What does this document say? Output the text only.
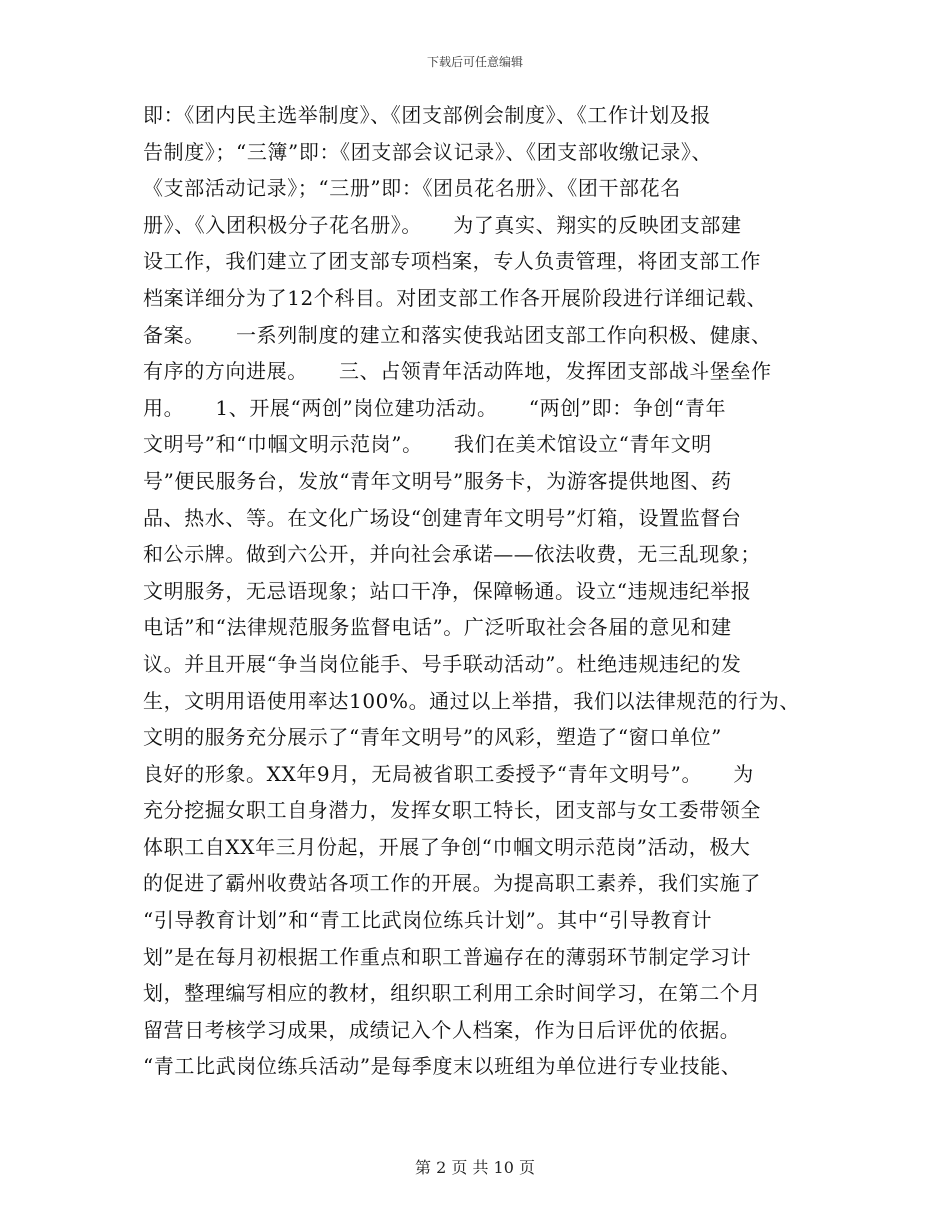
下载后可任意编辑
即：《团内民主选举制度》、《团支部例会制度》、《工作计划及报
告制度》；“三簿”即：《团支部会议记录》、《团支部收缴记录》、
《支部活动记录》；“三册”即：《团员花名册》、《团干部花名
册》、《入团积极分子花名册》。　　为了真实、翔实的反映团支部建
设工作，我们建立了团支部专项档案，专人负责管理，将团支部工作
档案详细分为了12个科目。对团支部工作各开展阶段进行详细记载、
备案。　　一系列制度的建立和落实使我站团支部工作向积极、健康、
有序的方向进展。　　三、占领青年活动阵地，发挥团支部战斗堡垒作
用。　　1、开展“两创”岗位建功活动。　　“两创”即：争创“青年
文明号”和“巾帼文明示范岗”。　　我们在美术馆设立“青年文明
号”便民服务台，发放“青年文明号”服务卡，为游客提供地图、药
品、热水、等。在文化广场设“创建青年文明号”灯箱，设置监督台
和公示牌。做到六公开，并向社会承诺——依法收费，无三乱现象；
文明服务，无忌语现象；站口干净，保障畅通。设立“违规违纪举报
电话”和“法律规范服务监督电话”。广泛听取社会各届的意见和建
议。并且开展“争当岗位能手、号手联动活动”。杜绝违规违纪的发
生，文明用语使用率达100%。通过以上举措，我们以法律规范的行为、
文明的服务充分展示了“青年文明号”的风彩，塑造了“窗口单位”
良好的形象。XX年9月，无局被省职工委授予“青年文明号”。　　为
充分挖掘女职工自身潜力，发挥女职工特长，团支部与女工委带领全
体职工自XX年三月份起，开展了争创“巾帼文明示范岗”活动，极大
的促进了霸州收费站各项工作的开展。为提高职工素养，我们实施了
“引导教育计划”和“青工比武岗位练兵计划”。其中“引导教育计
划”是在每月初根据工作重点和职工普遍存在的薄弱环节制定学习计
划，整理编写相应的教材，组织职工利用工余时间学习，在第二个月
留营日考核学习成果，成绩记入个人档案，作为日后评优的依据。
“青工比武岗位练兵活动”是每季度末以班组为单位进行专业技能、
第 2 页 共 10 页
